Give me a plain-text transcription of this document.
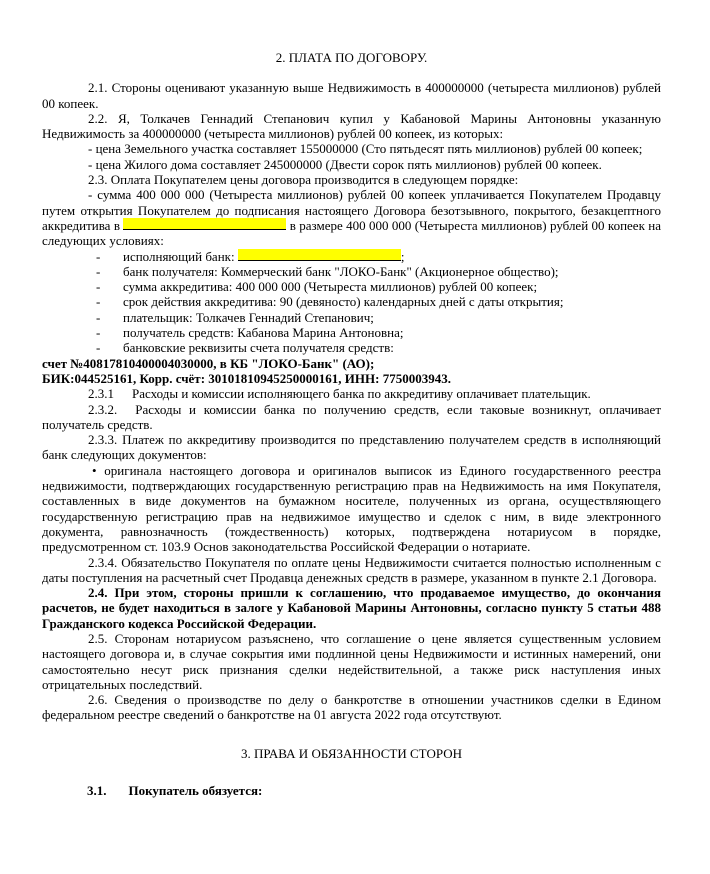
2. ПЛАТА ПО ДОГОВОРУ.
2.1. Стороны оценивают указанную выше Недвижимость в 400000000 (четыреста миллионов) рублей 00 копеек.
2.2. Я, Толкачев Геннадий Степанович купил у Кабановой Марины Антоновны указанную Недвижимость за 400000000 (четыреста миллионов) рублей 00 копеек, из которых:
- цена Земельного участка составляет 155000000 (Сто пятьдесят пять миллионов) рублей 00 копеек;
- цена Жилого дома составляет 245000000 (Двести сорок пять миллионов) рублей 00 копеек.
2.3. Оплата Покупателем цены договора производится в следующем порядке:
- сумма 400 000 000 (Четыреста миллионов) рублей 00 копеек уплачивается Покупателем Продавцу путем открытия Покупателем до подписания настоящего Договора безотзывного, покрытого, безакцептного аккредитива в	в размере 400 000 000 (Четыреста миллионов) рублей 00 копеек на следующих условиях:
- исполняющий банк:	;
- банк получателя: Коммерческий банк "ЛОКО-Банк" (Акционерное общество);
- сумма аккредитива: 400 000 000 (Четыреста миллионов) рублей 00 копеек;
- срок действия аккредитива: 90 (девяносто) календарных дней с даты открытия;
- плательщик: Толкачев Геннадий Степанович;
- получатель средств: Кабанова Марина Антоновна;
- банковские реквизиты счета получателя средств:
счет №40817810400004030000, в КБ "ЛОКО-Банк" (АО);
БИК:044525161, Корр. счёт: 30101810945250000161, ИНН: 7750003943.
2.3.1 Расходы и комиссии исполняющего банка по аккредитиву оплачивает плательщик.
2.3.2. Расходы и комиссии банка по получению средств, если таковые возникнут, оплачивает получатель средств.
2.3.3. Платеж по аккредитиву производится по представлению получателем средств в исполняющий банк следующих документов:
• оригинала настоящего договора и оригиналов выписок из Единого государственного реестра недвижимости, подтверждающих государственную регистрацию прав на Недвижимость на имя Покупателя, составленных в виде документов на бумажном носителе, полученных из органа, осуществляющего государственную регистрацию прав на недвижимое имущество и сделок с ним, в виде электронного документа, равнозначность (тождественность) которых, подтверждена нотариусом в порядке, предусмотренном ст. 103.9 Основ законодательства Российской Федерации о нотариате.
2.3.4. Обязательство Покупателя по оплате цены Недвижимости считается полностью исполненным с даты поступления на расчетный счет Продавца денежных средств в размере, указанном в пункте 2.1 Договора.
2.4. При этом, стороны пришли к соглашению, что продаваемое имущество, до окончания расчетов, не будет находиться в залоге у Кабановой Марины Антоновны, согласно пункту 5 статьи 488 Гражданского кодекса Российской Федерации.
2.5. Сторонам нотариусом разъяснено, что соглашение о цене является существенным условием настоящего договора и, в случае сокрытия ими подлинной цены Недвижимости и истинных намерений, они самостоятельно несут риск признания сделки недействительной, а также риск наступления иных отрицательных последствий.
2.6. Сведения о производстве по делу о банкротстве в отношении участников сделки в Едином федеральном реестре сведений о банкротстве на 01 августа 2022 года отсутствуют.
3. ПРАВА И ОБЯЗАННОСТИ СТОРОН
3.1. Покупатель обязуется:
